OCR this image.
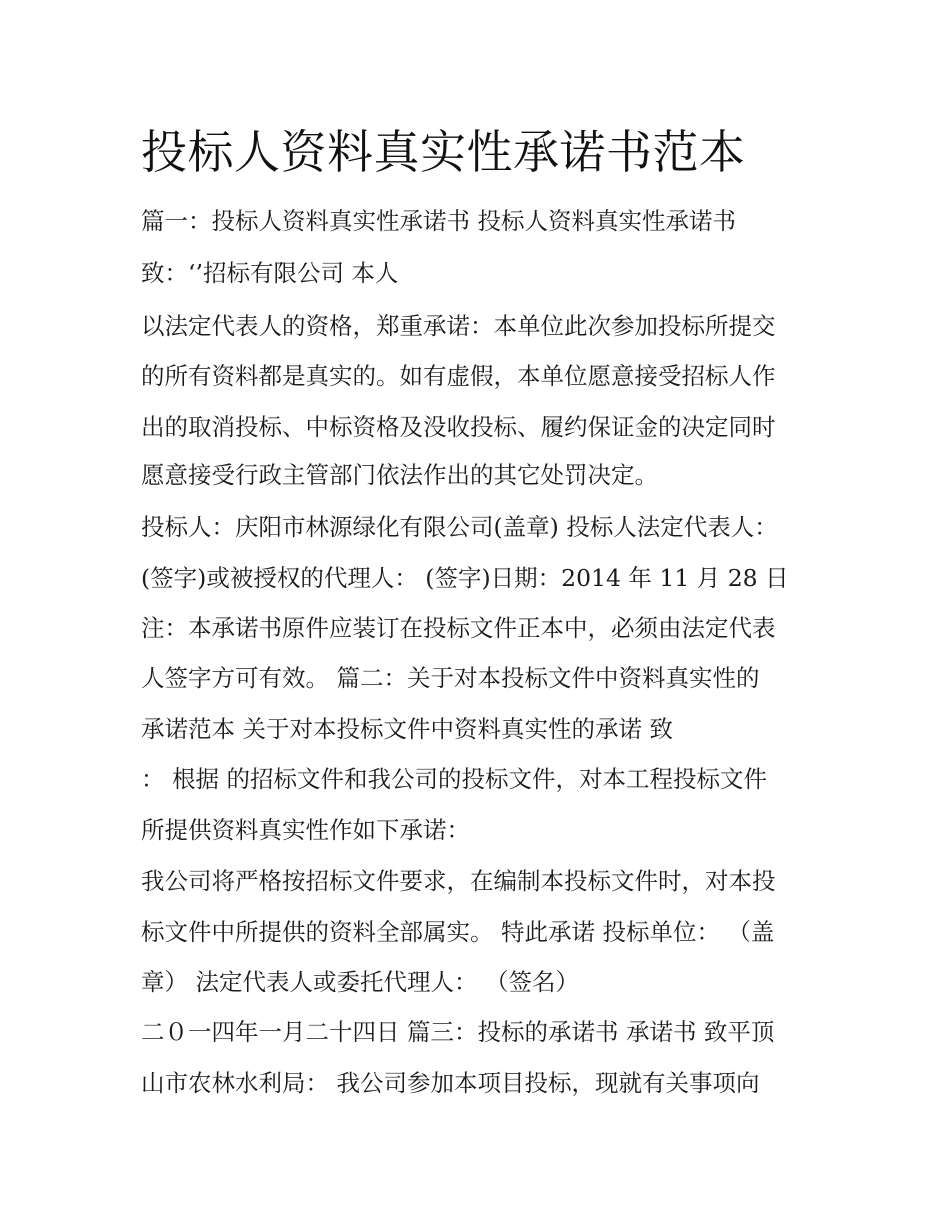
投标人资料真实性承诺书范本

篇一：投标人资料真实性承诺书 投标人资料真实性承诺书

致：‘’招标有限公司 本人

以法定代表人的资格，郑重承诺：本单位此次参加投标所提交

的所有资料都是真实的。如有虚假，本单位愿意接受招标人作

出的取消投标、中标资格及没收投标、履约保证金的决定同时

愿意接受行政主管部门依法作出的其它处罚决定。

投标人：庆阳市林源绿化有限公司(盖章) 投标人法定代表人：

(签字)或被授权的代理人： (签字)日期：2014 年 11 月 28 日

注：本承诺书原件应装订在投标文件正本中，必须由法定代表

人签字方可有效。 篇二：关于对本投标文件中资料真实性的

承诺范本 关于对本投标文件中资料真实性的承诺 致

： 根据 的招标文件和我公司的投标文件，对本工程投标文件

所提供资料真实性作如下承诺：

我公司将严格按招标文件要求，在编制本投标文件时，对本投

标文件中所提供的资料全部属实。 特此承诺 投标单位： （盖

章） 法定代表人或委托代理人： （签名）

二０一四年一月二十四日 篇三：投标的承诺书 承诺书 致平顶

山市农林水利局： 我公司参加本项目投标，现就有关事项向
